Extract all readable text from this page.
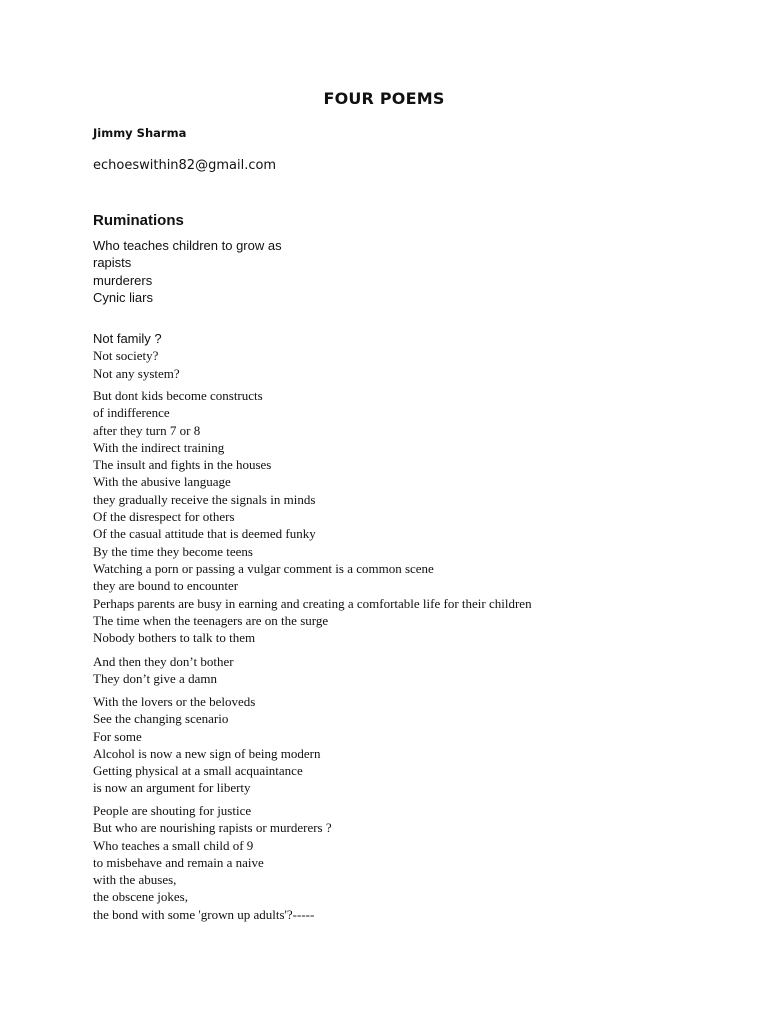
FOUR POEMS
Jimmy Sharma
echoeswithin82@gmail.com
Ruminations
Who teaches children to grow as
rapists
murderers
Cynic liars
Not family ?
Not society?
Not any system?
But dont kids become constructs
of indifference
after they turn 7 or 8
With the indirect training
The insult and fights in the houses
With the abusive language
they gradually receive the signals in minds
Of the disrespect for others
Of the casual attitude that is deemed funky
By the time they become teens
Watching a porn or passing a vulgar comment is a common scene
they are bound to encounter
Perhaps parents are busy in earning and creating a comfortable life for their children
The time when the teenagers are on the surge
Nobody bothers to talk to them
And then they don’t bother
They don’t give a damn
With the lovers or the beloveds
See the changing scenario
For some
Alcohol is now a new sign of being modern
Getting physical at a small acquaintance
is now an argument for liberty
People are shouting for justice
But who are nourishing rapists or murderers ?
Who teaches a small child of 9
to misbehave and remain a naive
with the abuses,
the obscene jokes,
the bond with some 'grown up adults'?-----
